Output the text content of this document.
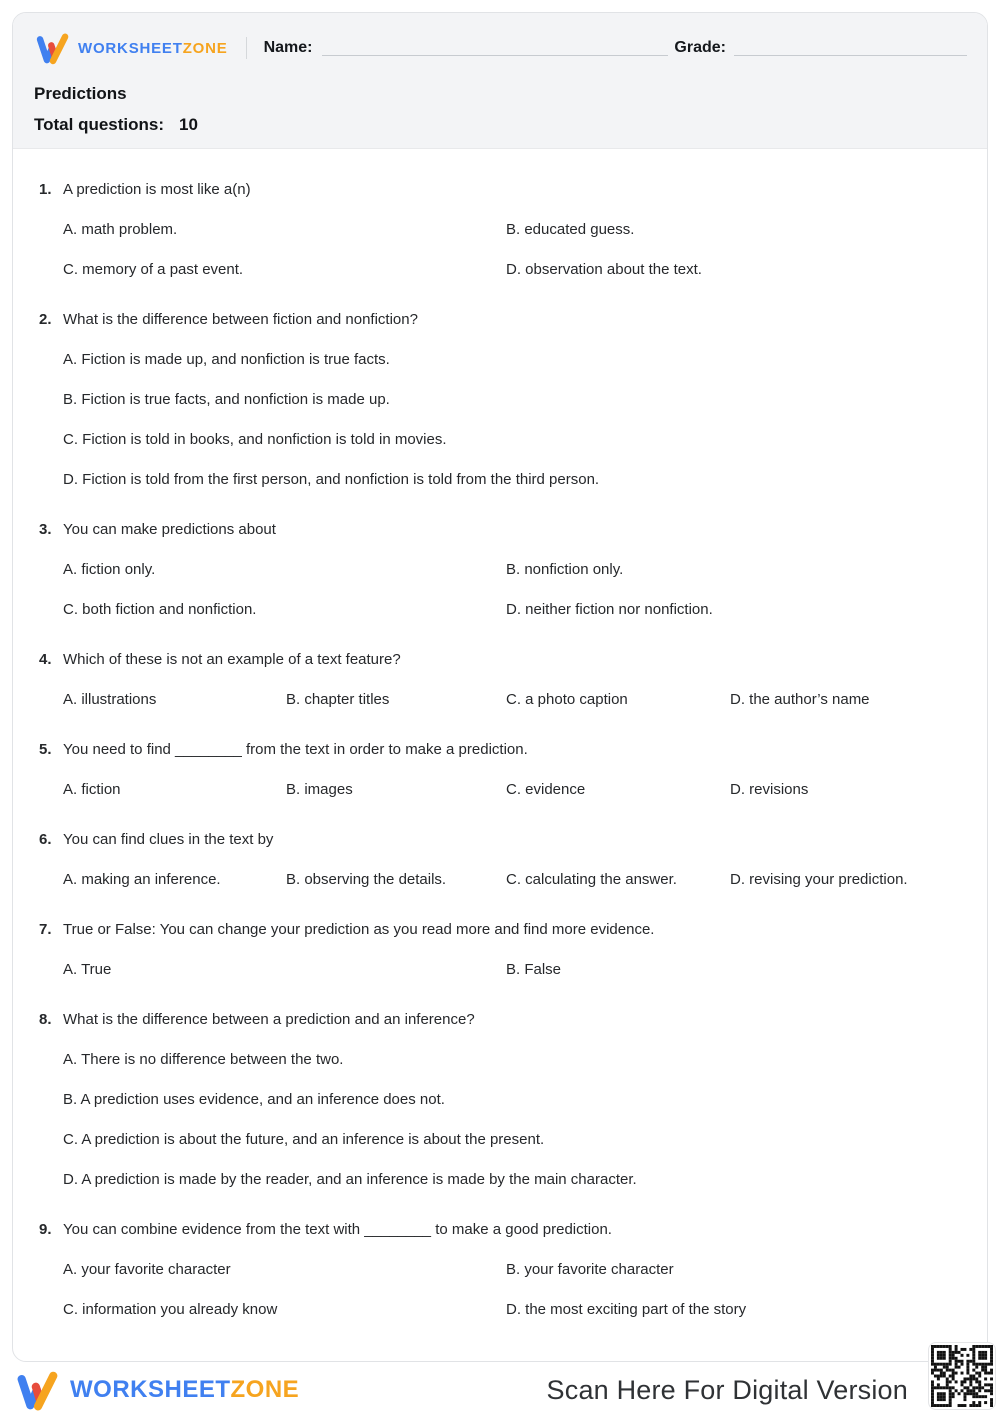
WORKSHEETZONE Name:	Grade:
Predictions
Total questions: 10
1. A prediction is most like a(n)
A. math problem.	B. educated guess.
C. memory of a past event.	D. observation about the text.
2. What is the difference between fiction and nonfiction?
A. Fiction is made up, and nonfiction is true facts.
B. Fiction is true facts, and nonfiction is made up.
C. Fiction is told in books, and nonfiction is told in movies.
D. Fiction is told from the first person, and nonfiction is told from the third person.
3. You can make predictions about
A. fiction only.	B. nonfiction only.
C. both fiction and nonfiction.	D. neither fiction nor nonfiction.
4. Which of these is not an example of a text feature?
A. illustrations	B. chapter titles	C. a photo caption	D. the author’s name
5. You need to find ________ from the text in order to make a prediction.
A. fiction	B. images	C. evidence	D. revisions
6. You can find clues in the text by
A. making an inference.	B. observing the details.	C. calculating the answer.	D. revising your prediction.
7. True or False: You can change your prediction as you read more and find more evidence.
A. True	B. False
8. What is the difference between a prediction and an inference?
A. There is no difference between the two.
B. A prediction uses evidence, and an inference does not.
C. A prediction is about the future, and an inference is about the present.
D. A prediction is made by the reader, and an inference is made by the main character.
9. You can combine evidence from the text with ________ to make a good prediction.
A. your favorite character	B. your favorite character
C. information you already know	D. the most exciting part of the story
WORKSHEETZONE	Scan Here For Digital Version
